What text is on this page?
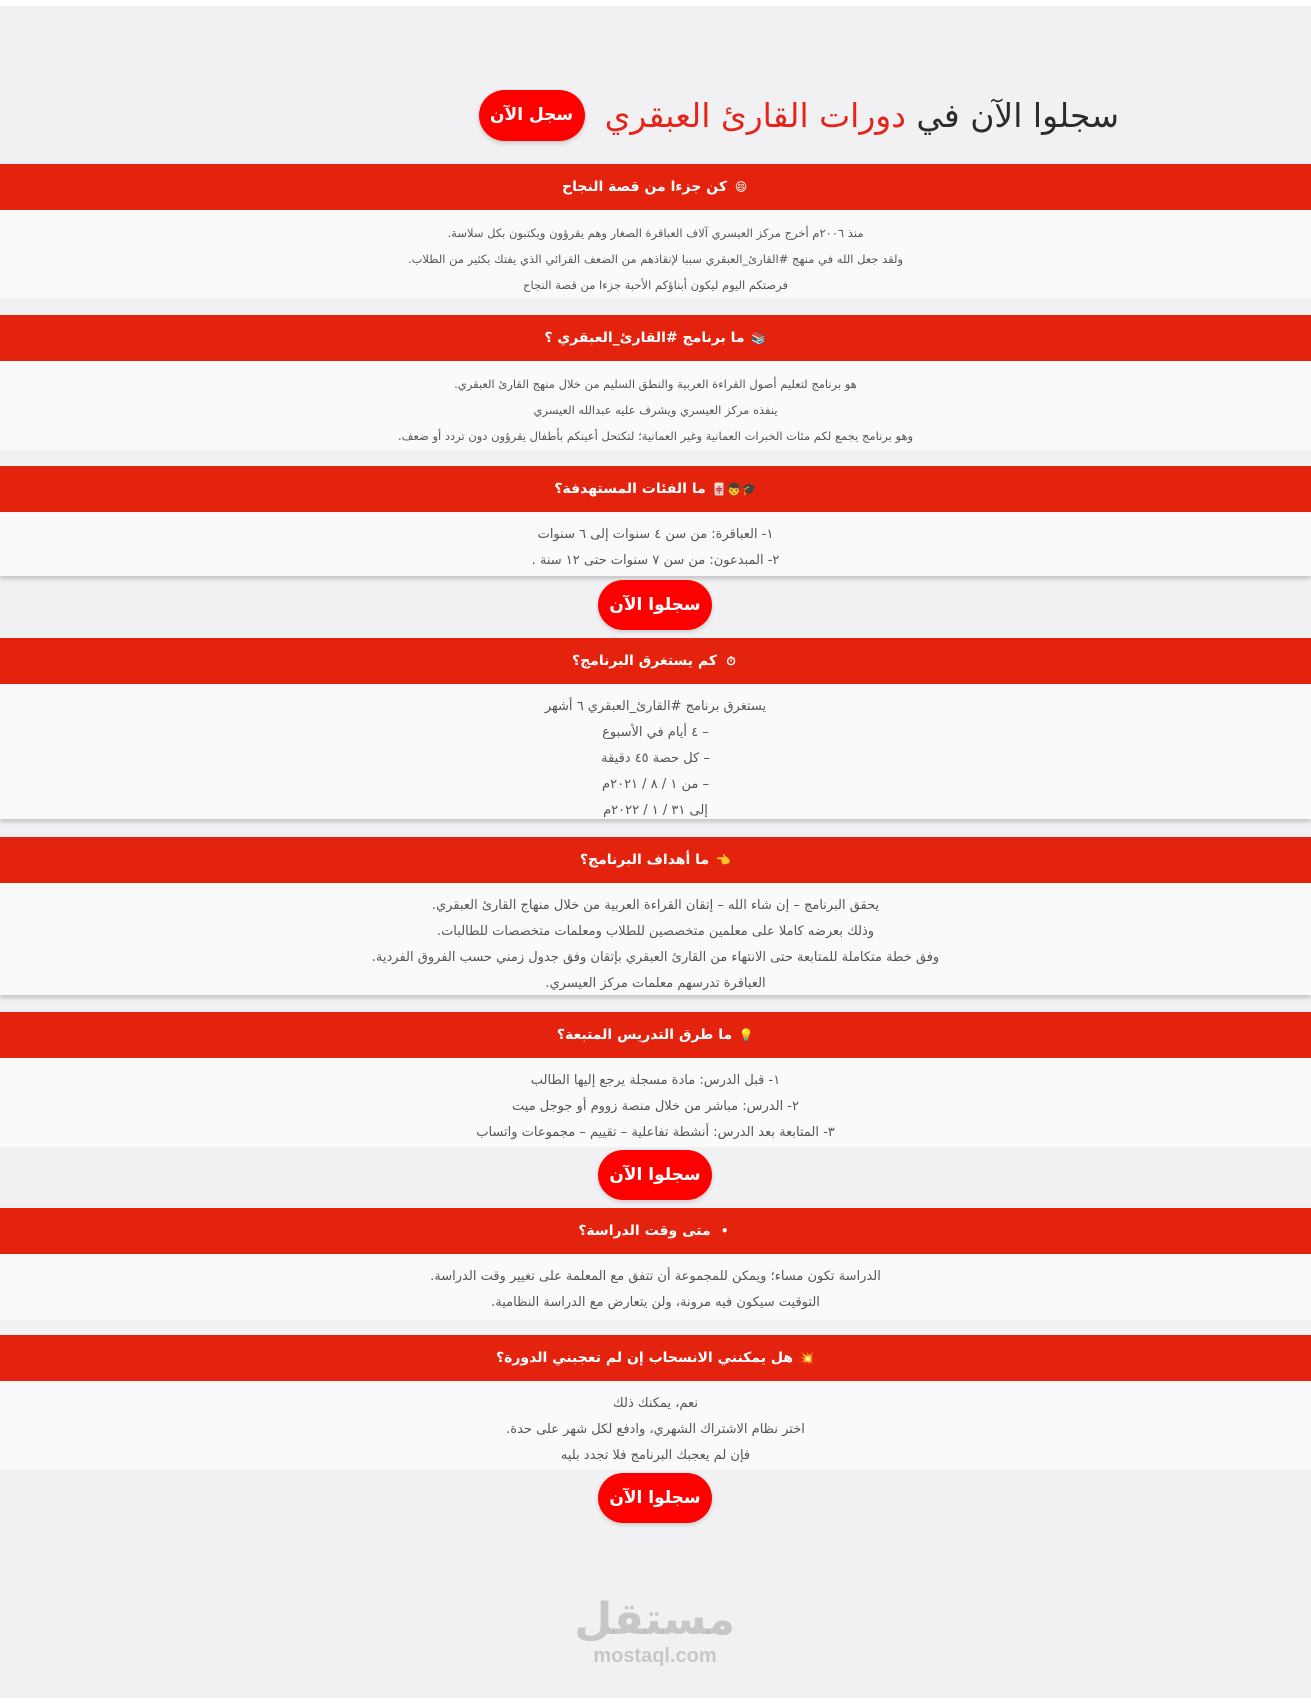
سجلوا الآن في دورات القارئ العبقري
سجل الآن
😄
كن جزءا من قصة النجاح
منذ ٢٠٠٦م أخرج مركز العيسري آلاف العباقرة الصغار وهم يقرؤون ويكتبون بكل سلاسة.
ولقد جعل الله في منهج #القارئ_العبقري سببا لإنقاذهم من الضعف القرائي الذي يفتك بكثير من الطلاب.
فرصتكم اليوم ليكون أبناؤكم الأحبة جزءا من قصة النجاح
📚
ما برنامج #القارئ_العبقري ؟
هو برنامج لتعليم أصول القراءة العربية والنطق السليم من خلال منهج القارئ العبقري.
ينفذه مركز العيسري ويشرف عليه عبدالله العيسري
وهو برنامج يجمع لكم مئات الخبرات العمانية وغير العمانية؛ لتكتحل أعينكم بأطفال يقرؤون دون تردد أو ضعف.
🎓👦🀄
ما الفئات المستهدفة؟
١- العباقرة: من سن ٤ سنوات إلى ٦ سنوات
٢- المبدعون: من سن ٧ سنوات حتى ١٢ سنة .
سجلوا الآن
⏱
كم يستغرق البرنامج؟
يستغرق برنامج #القارئ_العبقري ٦ أشهر
– ٤ أيام في الأسبوع
– كل حصة ٤٥ دقيقة
– من ١ / ٨ / ٢٠٢١م
إلى ٣١ / ١ / ٢٠٢٢م
👈
ما أهداف البرنامج؟
يحقق البرنامج – إن شاء الله – إتقان القراءة العربية من خلال منهاج القارئ العبقري.
وذلك بعرضه كاملا على معلمين متخصصين للطلاب ومعلمات متخصصات للطالبات.
وفق خطة متكاملة للمتابعة حتى الانتهاء من القارئ العبقري بإتقان وفق جدول زمني حسب الفروق الفردية.
العباقرة تدرسهم معلمات مركز العيسري.
💡
ما طرق التدريس المتبعة؟
١- قبل الدرس: مادة مسجلة يرجع إليها الطالب
٢- الدرس: مباشر من خلال منصة زووم أو جوجل ميت
٣- المتابعة بعد الدرس: أنشطة تفاعلية – تقييم – مجموعات واتساب
سجلوا الآن
•
متى وقت الدراسة؟
الدراسة تكون مساء؛ ويمكن للمجموعة أن تتفق مع المعلمة على تغيير وقت الدراسة.
التوقيت سيكون فيه مرونة، ولن يتعارض مع الدراسة النظامية.
💥
هل يمكنني الانسحاب إن لم تعجبني الدورة؟
نعم، يمكنك ذلك
اختر نظام الاشتراك الشهري، وادفع لكل شهر على حدة.
فإن لم يعجبك البرنامج فلا تجدد بليه
سجلوا الآن
مستقل
mostaql.com
